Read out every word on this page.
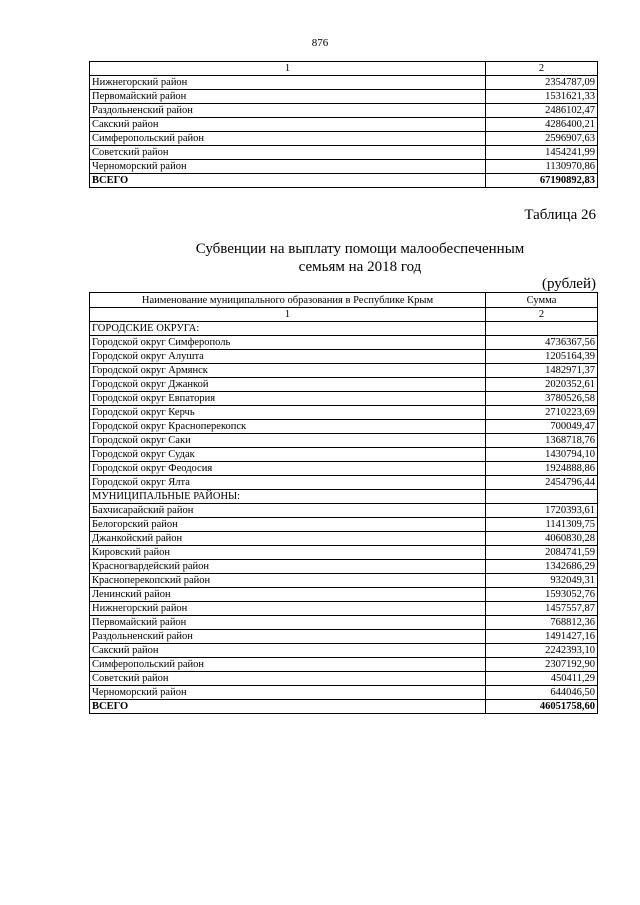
876
1	2
Нижнегорский район	2354787,09
Первомайский район	1531621,33
Раздольненский район	2486102,47
Сакский район	4286400,21
Симферопольский район	2596907,63
Советский район	1454241,99
Черноморский район	1130970,86
ВСЕГО	67190892,83
Таблица 26
Субвенции на выплату помощи малообеспеченным
семьям на 2018 год
(рублей)
Наименование муниципального образования в Республике Крым	Сумма
1	2
ГОРОДСКИЕ ОКРУГА:	
Городской округ Симферополь	4736367,56
Городской округ Алушта	1205164,39
Городской округ Армянск	1482971,37
Городской округ Джанкой	2020352,61
Городской округ Евпатория	3780526,58
Городской округ Керчь	2710223,69
Городской округ Красноперекопск	700049,47
Городской округ Саки	1368718,76
Городской округ Судак	1430794,10
Городской округ Феодосия	1924888,86
Городской округ Ялта	2454796,44
МУНИЦИПАЛЬНЫЕ РАЙОНЫ:	
Бахчисарайский район	1720393,61
Белогорский район	1141309,75
Джанкойский район	4060830,28
Кировский район	2084741,59
Красногвардейский район	1342686,29
Красноперекопский район	932049,31
Ленинский район	1593052,76
Нижнегорский район	1457557,87
Первомайский район	768812,36
Раздольненский район	1491427,16
Сакский район	2242393,10
Симферопольский район	2307192,90
Советский район	450411,29
Черноморский район	644046,50
ВСЕГО	46051758,60
